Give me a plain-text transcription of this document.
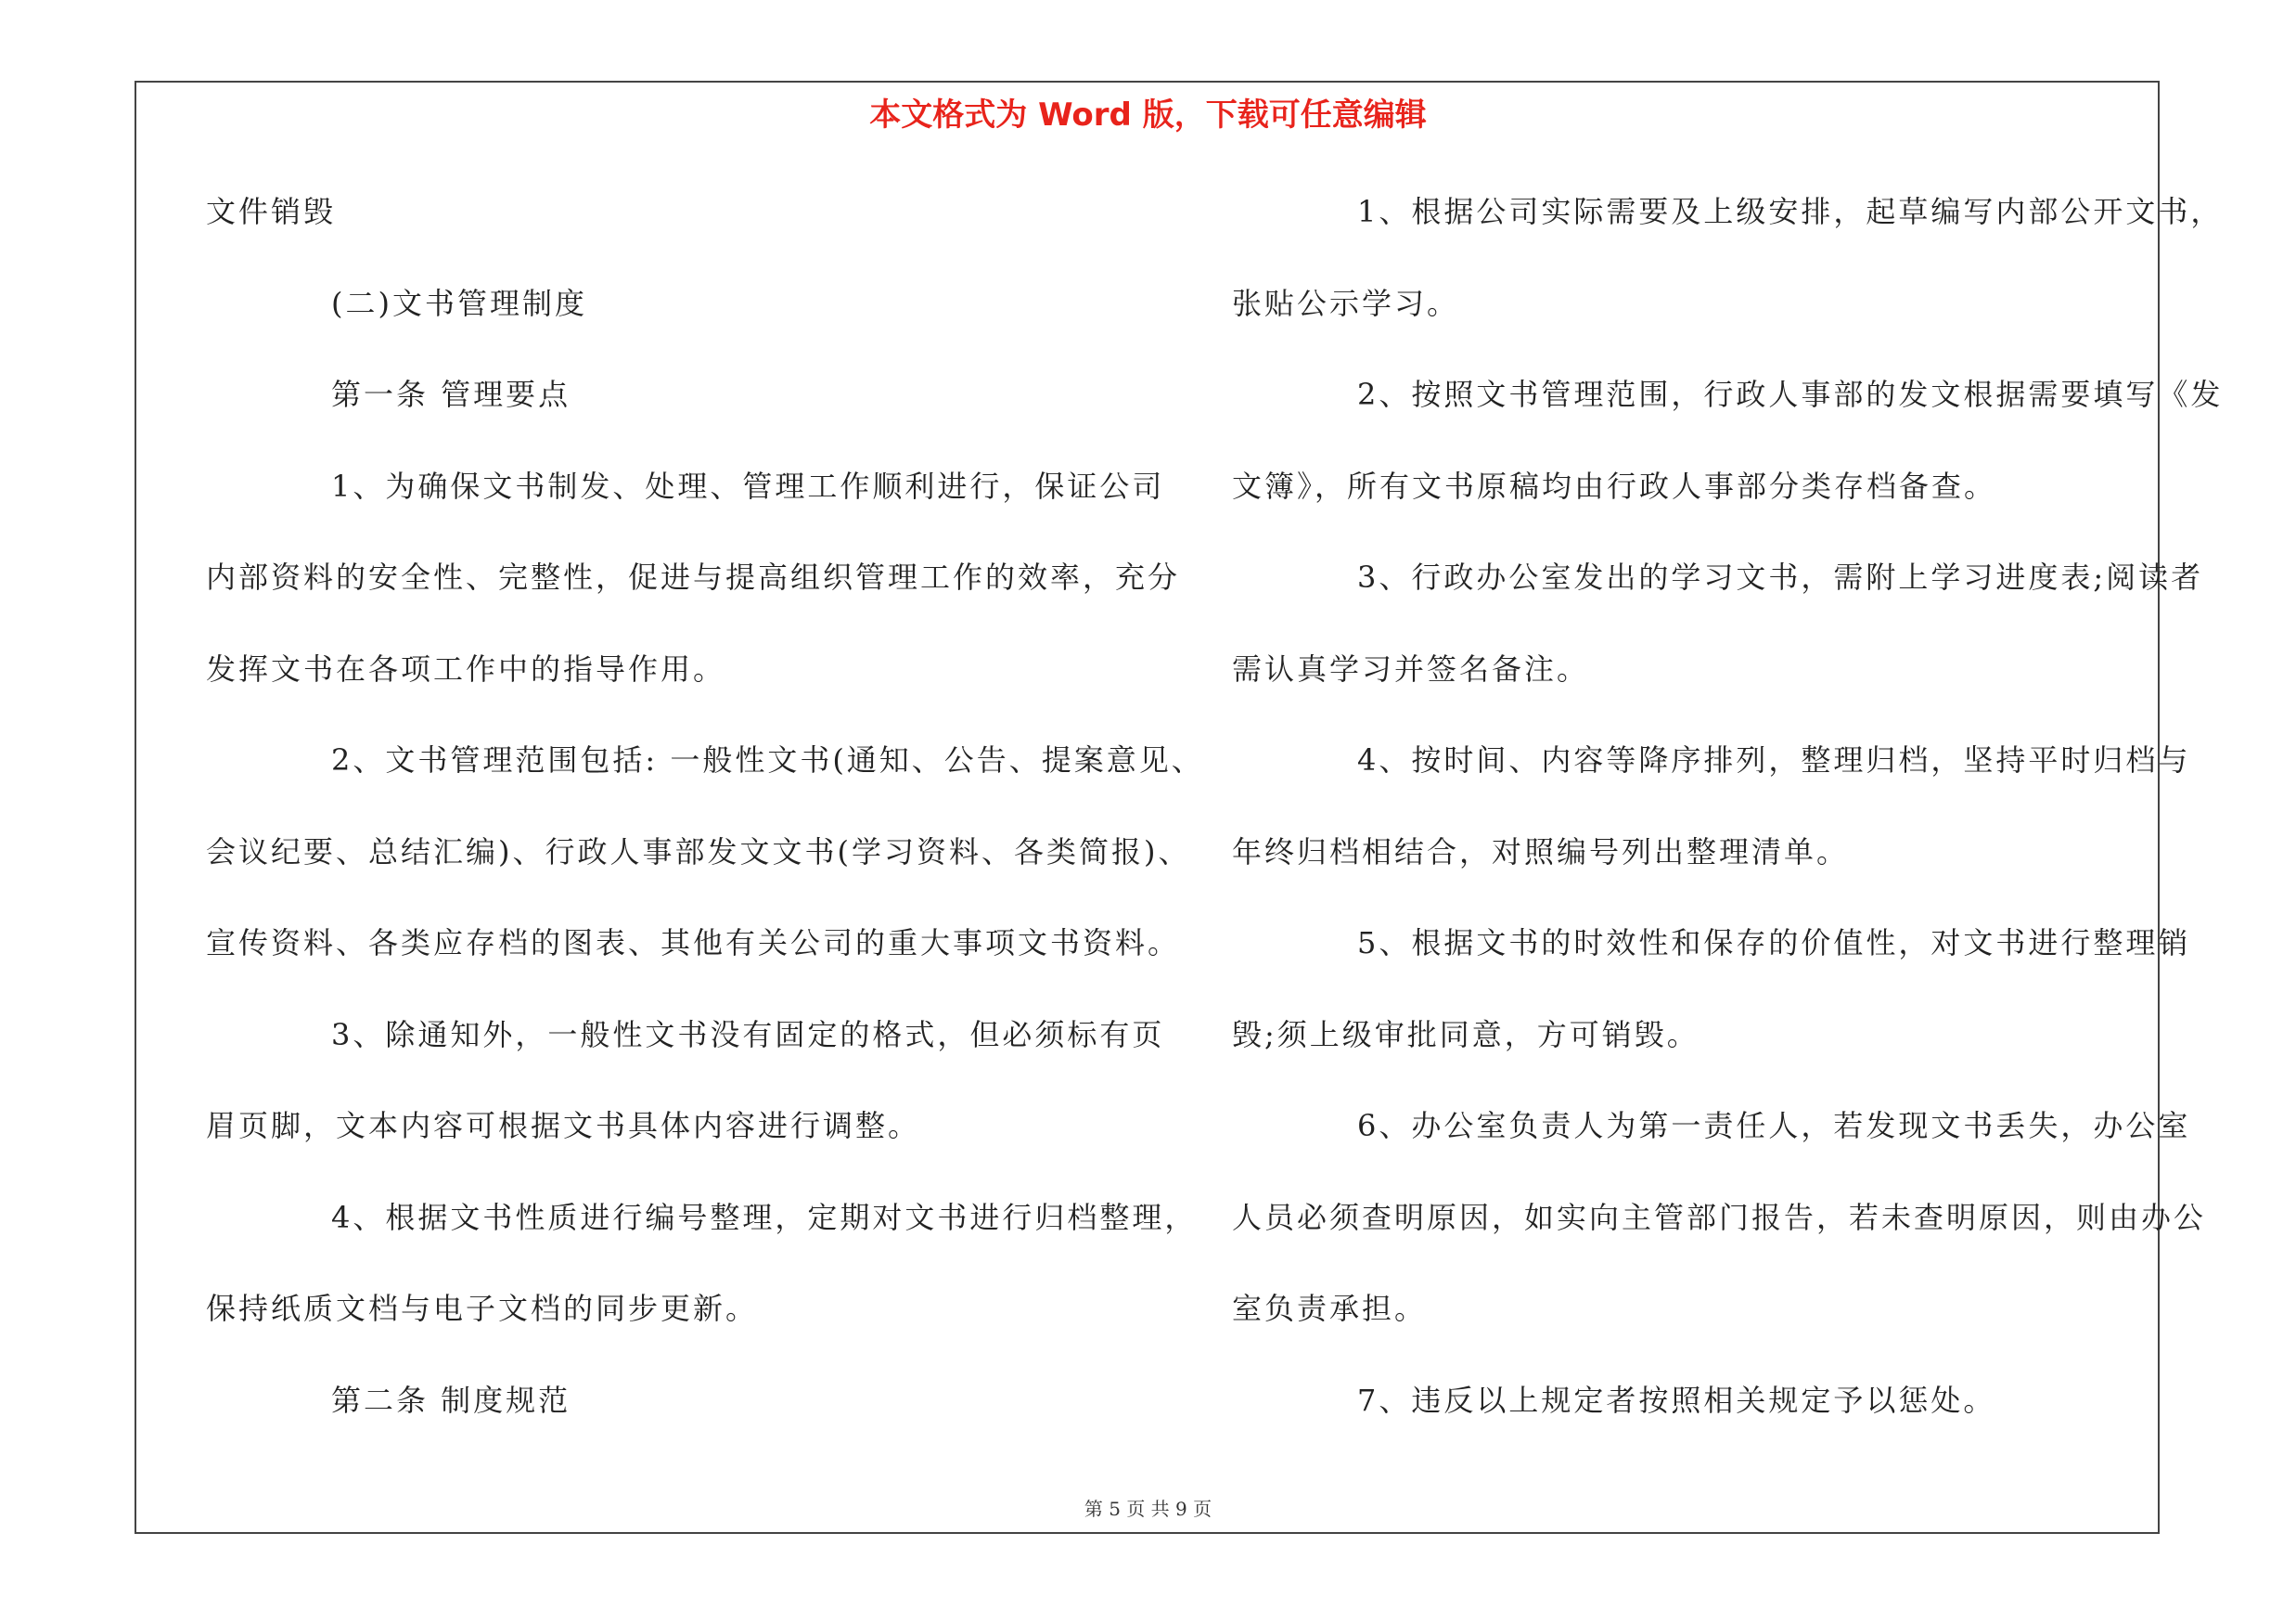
本文格式为 Word 版，下载可任意编辑
文件销毁
(二)文书管理制度
第一条 管理要点
1、为确保文书制发、处理、管理工作顺利进行，保证公司
内部资料的安全性、完整性，促进与提高组织管理工作的效率，充分
发挥文书在各项工作中的指导作用。
2、文书管理范围包括: 一般性文书(通知、公告、提案意见、
会议纪要、总结汇编)、行政人事部发文文书(学习资料、各类简报)、
宣传资料、各类应存档的图表、其他有关公司的重大事项文书资料。
3、除通知外，一般性文书没有固定的格式，但必须标有页
眉页脚，文本内容可根据文书具体内容进行调整。
4、根据文书性质进行编号整理，定期对文书进行归档整理，
保持纸质文档与电子文档的同步更新。
第二条 制度规范
1、根据公司实际需要及上级安排，起草编写内部公开文书，
张贴公示学习。
2、按照文书管理范围，行政人事部的发文根据需要填写《发
文簿》，所有文书原稿均由行政人事部分类存档备查。
3、行政办公室发出的学习文书，需附上学习进度表;阅读者
需认真学习并签名备注。
4、按时间、内容等降序排列，整理归档，坚持平时归档与
年终归档相结合，对照编号列出整理清单。
5、根据文书的时效性和保存的价值性，对文书进行整理销
毁;须上级审批同意，方可销毁。
6、办公室负责人为第一责任人，若发现文书丢失，办公室
人员必须查明原因，如实向主管部门报告，若未查明原因，则由办公
室负责承担。
7、违反以上规定者按照相关规定予以惩处。
第 5 页 共 9 页
